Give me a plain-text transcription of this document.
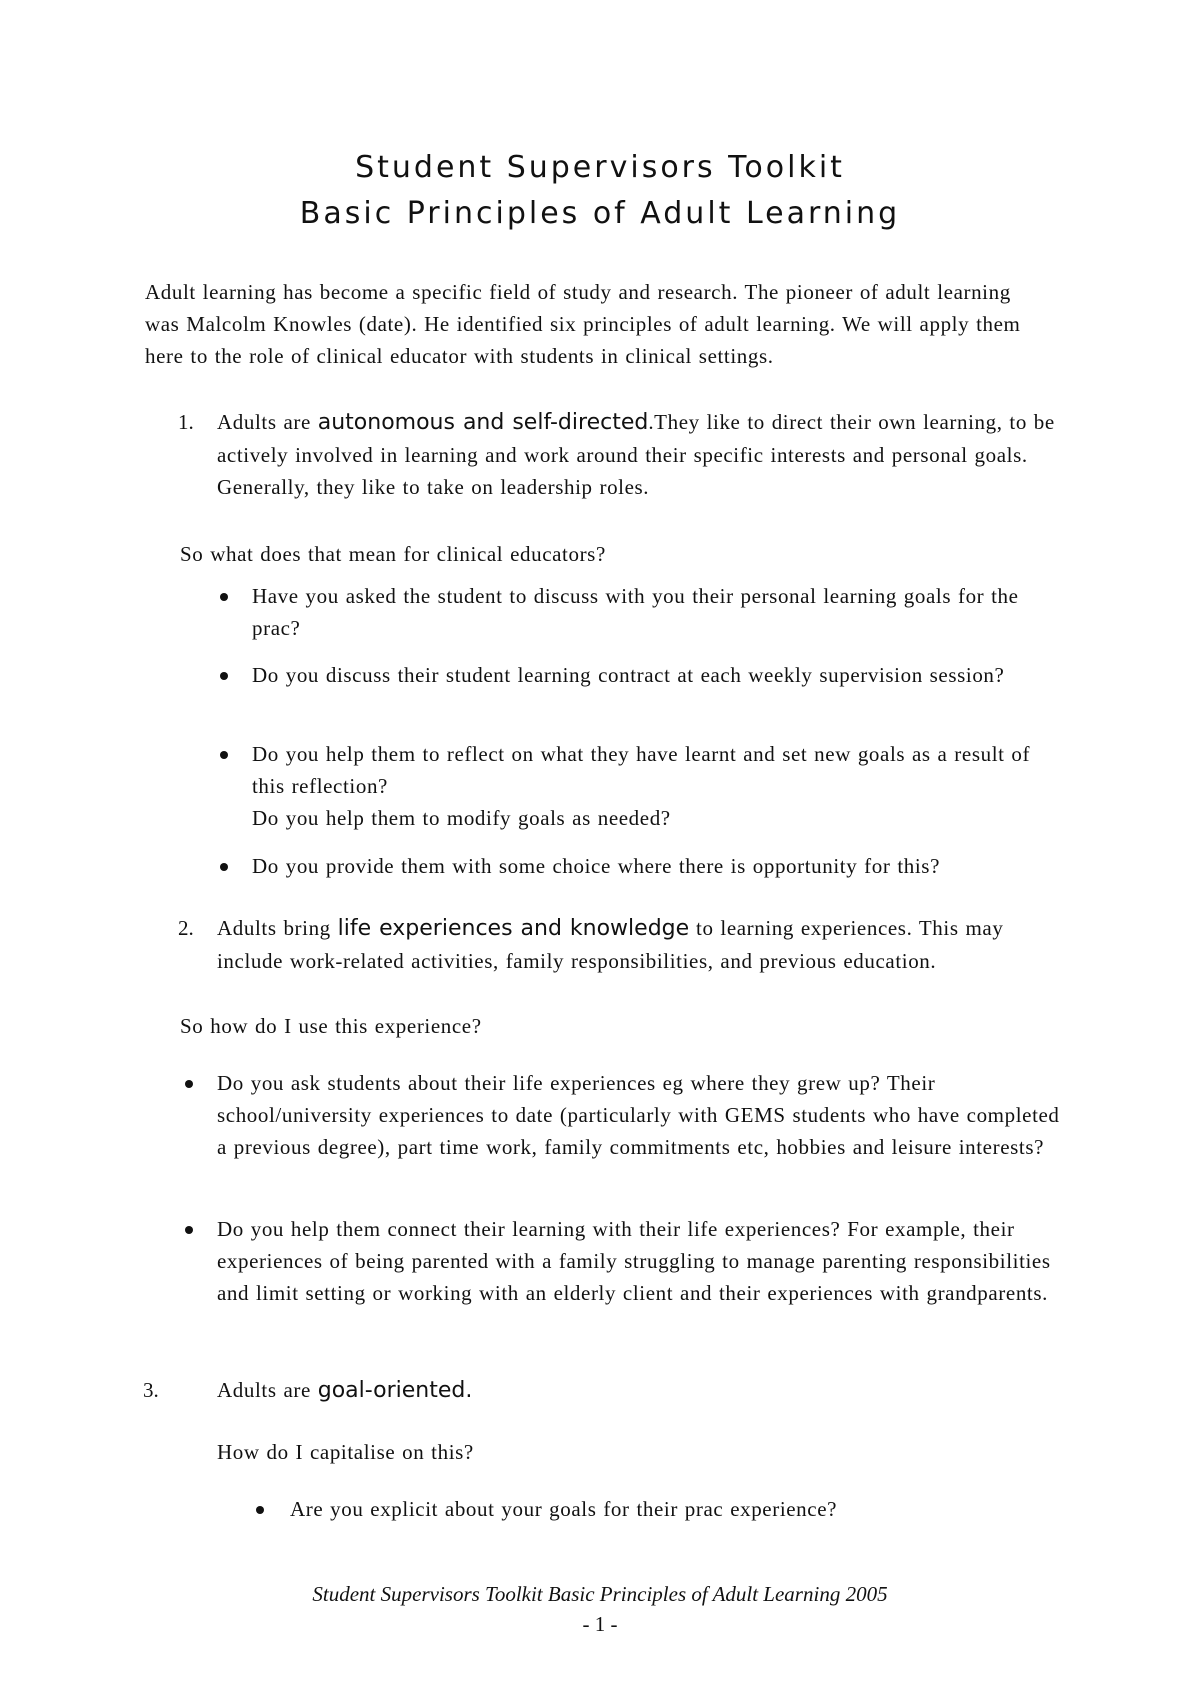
Student Supervisors Toolkit
Basic Principles of Adult Learning
Adult learning has become a specific field of study and research. The pioneer of adult learning was Malcolm Knowles (date). He identified six principles of adult learning. We will apply them here to the role of clinical educator with students in clinical settings.
1. Adults are autonomous and self-directed.They like to direct their own learning, to be actively involved in learning and work around their specific interests and personal goals. Generally, they like to take on leadership roles.
So what does that mean for clinical educators?
Have you asked the student to discuss with you their personal learning goals for the prac?
Do you discuss their student learning contract at each weekly supervision session?
Do you help them to reflect on what they have learnt and set new goals as a result of this reflection?
Do you help them to modify goals as needed?
Do you provide them with some choice where there is opportunity for this?
2. Adults bring life experiences and knowledge to learning experiences. This may include work-related activities, family responsibilities, and previous education.
So how do I use this experience?
Do you ask students about their life experiences eg where they grew up? Their school/university experiences to date (particularly with GEMS students who have completed a previous degree), part time work, family commitments etc, hobbies and leisure interests?
Do you help them connect their learning with their life experiences? For example, their experiences of being parented with a family struggling to manage parenting responsibilities and limit setting or working with an elderly client and their experiences with grandparents.
3.	Adults are goal-oriented.
How do I capitalise on this?
Are you explicit about your goals for their prac experience?
Student Supervisors Toolkit Basic Principles of Adult Learning 2005
- 1 -
